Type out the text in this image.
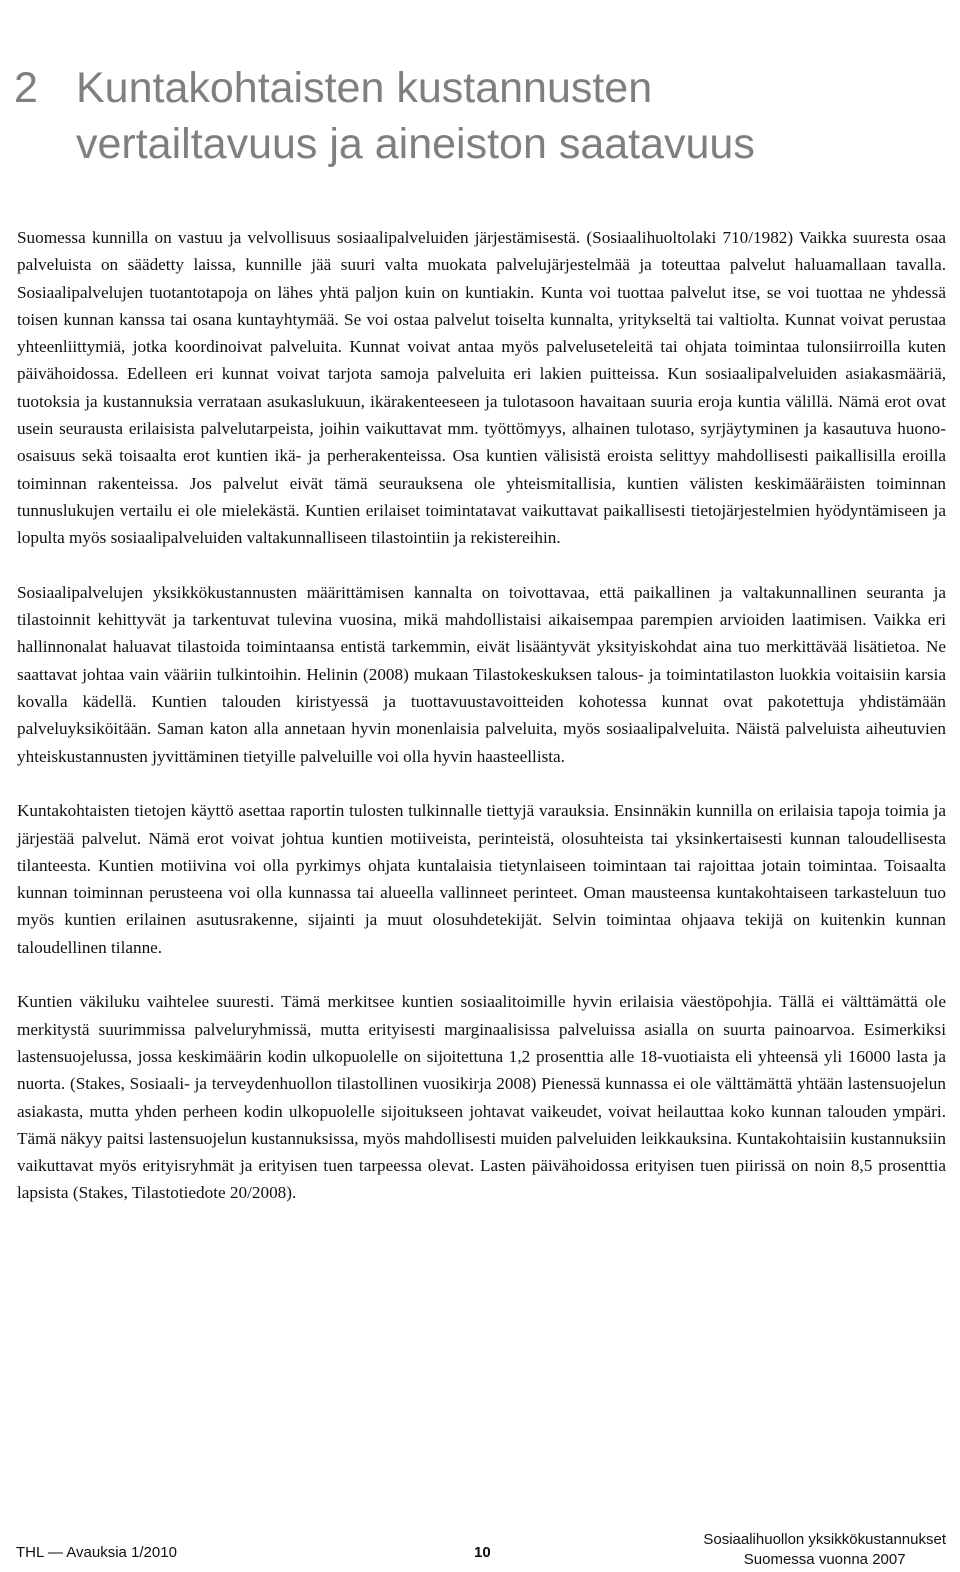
2 Kuntakohtaisten kustannusten
vertailtavuus ja aineiston saatavuus

Suomessa kunnilla on vastuu ja velvollisuus sosiaalipalveluiden järjestämisestä. (Sosiaalihuoltolaki 710/1982) Vaikka suuresta osaa palveluista on säädetty laissa, kunnille jää suuri valta muokata palvelujärjestelmää ja toteuttaa palvelut haluamallaan tavalla. Sosiaalipalvelujen tuotantotapoja on lähes yhtä paljon kuin on kuntiakin. Kunta voi tuottaa palvelut itse, se voi tuottaa ne yhdessä toisen kunnan kanssa tai osana kuntayhtymää. Se voi ostaa palvelut toiselta kunnalta, yritykseltä tai valtiolta. Kunnat voivat perustaa yhteenliittymiä, jotka koordinoivat palveluita. Kunnat voivat antaa myös palveluseteleitä tai ohjata toimintaa tulonsiirroilla kuten päivähoidossa. Edelleen eri kunnat voivat tarjota samoja palveluita eri lakien puitteissa. Kun sosiaalipalveluiden asiakasmääriä, tuotoksia ja kustannuksia verrataan asukaslukuun, ikärakenteeseen ja tulotasoon havaitaan suuria eroja kuntia välillä. Nämä erot ovat usein seurausta erilaisista palvelutarpeista, joihin vaikuttavat mm. työttömyys, alhainen tulotaso, syrjäytyminen ja kasautuva huono-osaisuus sekä toisaalta erot kuntien ikä- ja perherakenteissa. Osa kuntien välisistä eroista selittyy mahdollisesti paikallisilla eroilla toiminnan rakenteissa. Jos palvelut eivät tämä seurauksena ole yhteismitallisia, kuntien välisten keskimääräisten toiminnan tunnuslukujen vertailu ei ole mielekästä. Kuntien erilaiset toimintatavat vaikuttavat paikallisesti tietojärjestelmien hyödyntämiseen ja lopulta myös sosiaalipalveluiden valtakunnalliseen tilastointiin ja rekistereihin.

Sosiaalipalvelujen yksikkökustannusten määrittämisen kannalta on toivottavaa, että paikallinen ja valtakunnallinen seuranta ja tilastoinnit kehittyvät ja tarkentuvat tulevina vuosina, mikä mahdollistaisi aikaisempaa parempien arvioiden laatimisen. Vaikka eri hallinnonalat haluavat tilastoida toimintaansa entistä tarkemmin, eivät lisääntyvät yksityiskohdat aina tuo merkittävää lisätietoa. Ne saattavat johtaa vain vääriin tulkintoihin. Helinin (2008) mukaan Tilastokeskuksen talous- ja toimintatilaston luokkia voitaisiin karsia kovalla kädellä. Kuntien talouden kiristyessä ja tuottavuustavoitteiden kohotessa kunnat ovat pakotettuja yhdistämään palveluyksiköitään. Saman katon alla annetaan hyvin monenlaisia palveluita, myös sosiaalipalveluita. Näistä palveluista aiheutuvien yhteiskustannusten jyvittäminen tietyille palveluille voi olla hyvin haasteellista.

Kuntakohtaisten tietojen käyttö asettaa raportin tulosten tulkinnalle tiettyjä varauksia. Ensinnäkin kunnilla on erilaisia tapoja toimia ja järjestää palvelut. Nämä erot voivat johtua kuntien motiiveista, perinteistä, olosuhteista tai yksinkertaisesti kunnan taloudellisesta tilanteesta. Kuntien motiivina voi olla pyrkimys ohjata kuntalaisia tietynlaiseen toimintaan tai rajoittaa jotain toimintaa. Toisaalta kunnan toiminnan perusteena voi olla kunnassa tai alueella vallinneet perinteet. Oman mausteensa kuntakohtaiseen tarkasteluun tuo myös kuntien erilainen asutusrakenne, sijainti ja muut olosuhdetekijät. Selvin toimintaa ohjaava tekijä on kuitenkin kunnan taloudellinen tilanne.

Kuntien väkiluku vaihtelee suuresti. Tämä merkitsee kuntien sosiaalitoimille hyvin erilaisia väestöpohjia. Tällä ei välttämättä ole merkitystä suurimmissa palveluryhmissä, mutta erityisesti marginaalisissa palveluissa asialla on suurta painoarvoa. Esimerkiksi lastensuojelussa, jossa keskimäärin kodin ulkopuolelle on sijoitettuna 1,2 prosenttia alle 18-vuotiaista eli yhteensä yli 16000 lasta ja nuorta. (Stakes, Sosiaali- ja terveydenhuollon tilastollinen vuosikirja 2008) Pienessä kunnassa ei ole välttämättä yhtään lastensuojelun asiakasta, mutta yhden perheen kodin ulkopuolelle sijoitukseen johtavat vaikeudet, voivat heilauttaa koko kunnan talouden ympäri. Tämä näkyy paitsi lastensuojelun kustannuksissa, myös mahdollisesti muiden palveluiden leikkauksina. Kuntakohtaisiin kustannuksiin vaikuttavat myös erityisryhmät ja erityisen tuen tarpeessa olevat. Lasten päivähoidossa erityisen tuen piirissä on noin 8,5 prosenttia lapsista (Stakes, Tilastotiedote 20/2008).

THL — Avauksia 1/2010	10
Sosiaalihuollon yksikkökustannukset
Suomessa vuonna 2007
